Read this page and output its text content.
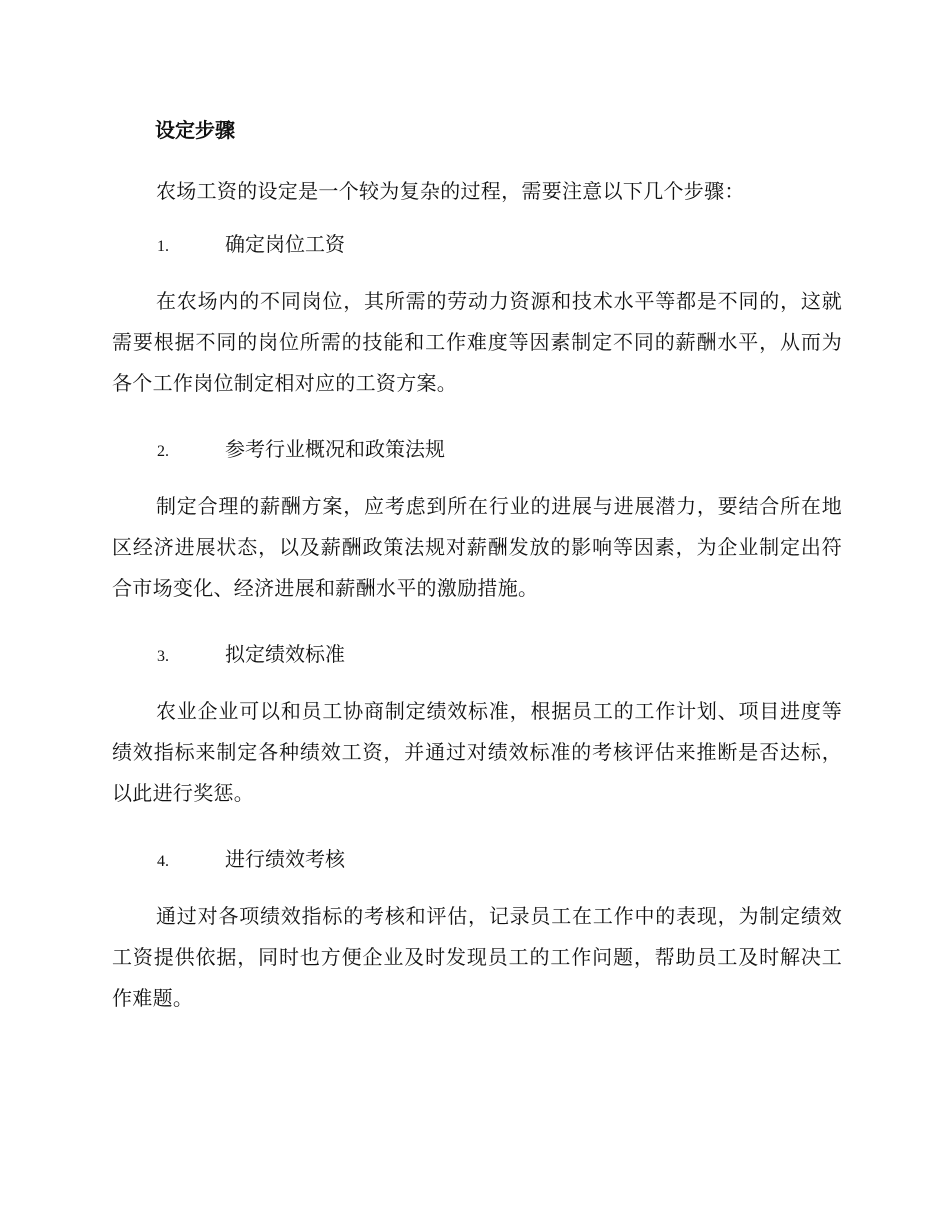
设定步骤

农场工资的设定是一个较为复杂的过程，需要注意以下几个步骤：

1.	确定岗位工资

在农场内的不同岗位，其所需的劳动力资源和技术水平等都是不同的，这就需要根据不同的岗位所需的技能和工作难度等因素制定不同的薪酬水平，从而为各个工作岗位制定相对应的工资方案。

2.	参考行业概况和政策法规

制定合理的薪酬方案，应考虑到所在行业的进展与进展潜力，要结合所在地区经济进展状态，以及薪酬政策法规对薪酬发放的影响等因素，为企业制定出符合市场变化、经济进展和薪酬水平的激励措施。

3.	拟定绩效标准

农业企业可以和员工协商制定绩效标准，根据员工的工作计划、项目进度等绩效指标来制定各种绩效工资，并通过对绩效标准的考核评估来推断是否达标，以此进行奖惩。

4.	进行绩效考核

通过对各项绩效指标的考核和评估，记录员工在工作中的表现，为制定绩效工资提供依据，同时也方便企业及时发现员工的工作问题，帮助员工及时解决工作难题。
